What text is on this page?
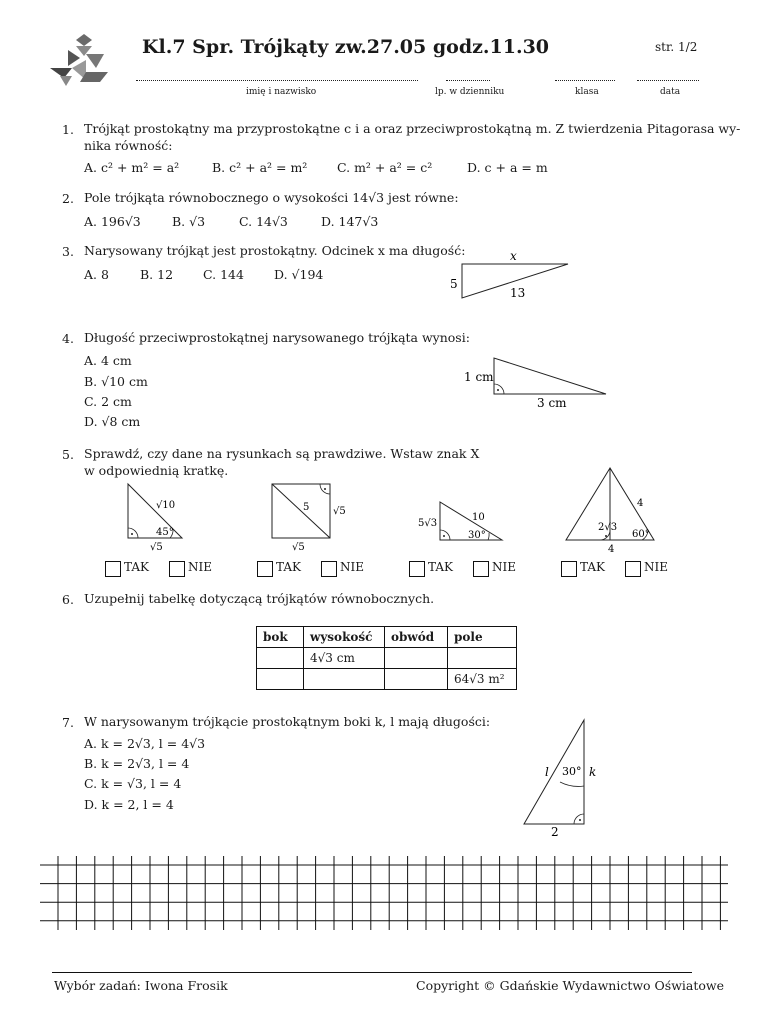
Kl.7 Spr. Trójkąty zw.27.05 godz.11.30	str. 1/2
imię i nazwisko	lp. w dzienniku	klasa	data
1. Trójkąt prostokątny ma przyprostokątne c i a oraz przeciwprostokątną m. Z twierdzenia Pitagorasa wy-
nika równość:
A. c² + m² = a²	B. c² + a² = m² C. m² + a² = c²	D. c + a = m
2. Pole trójkąta równobocznego o wysokości 14√3 jest równe:
A. 196√3 B. √3	C. 14√3	D. 147√3
3. Narysowany trójkąt jest prostokątny. Odcinek x ma długość:
A. 8 B. 12 C. 144 D. √194
x
5
13
4. Długość przeciwprostokątnej narysowanego trójkąta wynosi:
A. 4 cm
B. √10 cm
C. 2 cm
D. √8 cm
1 cm
3 cm
5. Sprawdź, czy dane na rysunkach są prawdziwe. Wstaw znak X
w odpowiednią kratkę.
√10
45°
√5
5 √5
√5
5√3
10
30°
4
2√3
60°
4
TAK	NIE	TAK	NIE	TAK	NIE	TAK	NIE
6. Uzupełnij tabelkę dotyczącą trójkątów równobocznych.
bok	wysokość	obwód	pole
	4√3 cm		
			64√3 m²
7. W narysowanym trójkącie prostokątnym boki k, l mają długości:
A. k = 2√3, l = 4√3
B. k = 2√3, l = 4
C. k = √3, l = 4
D. k = 2, l = 4
l	k
30°
2
Wybór zadań: Iwona Frosik	Copyright © Gdańskie Wydawnictwo Oświatowe
